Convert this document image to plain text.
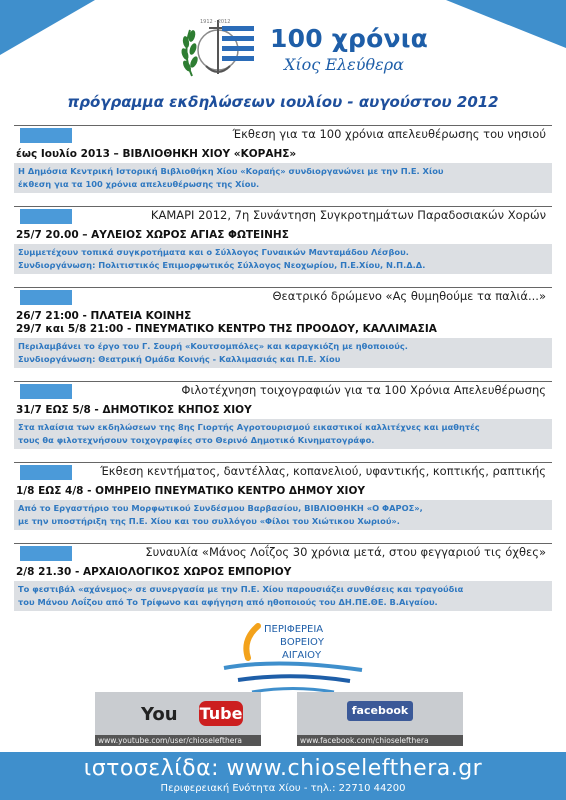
1912 - 2012
100 χρόνια
Χίος Ελεύθερα
πρόγραμμα εκδηλώσεων ιουλίου - αυγούστου 2012
Έκθεση για τα 100 χρόνια απελευθέρωσης του νησιού
έως Ιουλίο 2013 – ΒΙΒΛΙΟΘΗΚΗ ΧΙΟΥ «ΚΟΡΑΗΣ»
Η Δημόσια Κεντρική Ιστορική Βιβλιοθήκη Χίου «Κοραής» συνδιοργανώνει με την Π.Ε. Χίου
έκθεση για τα 100 χρόνια απελευθέρωσης της Χίου.
ΚΑΜΑΡΙ 2012, 7η Συνάντηση Συγκροτημάτων Παραδοσιακών Χορών
25/7 20.00 – ΑΥΛΕΙΟΣ ΧΩΡΟΣ ΑΓΙΑΣ ΦΩΤΕΙΝΗΣ
Συμμετέχουν τοπικά συγκροτήματα και ο Σύλλογος Γυναικών Μανταμάδου Λέσβου.
Συνδιοργάνωση: Πολιτιστικός Επιμορφωτικός Σύλλογος Νεοχωρίου, Π.Ε.Χίου, Ν.Π.Δ.Δ.
Θεατρικό δρώμενο «Ας θυμηθούμε τα παλιά...»
26/7 21:00 - ΠΛΑΤΕΙΑ ΚΟΙΝΗΣ
29/7 και 5/8 21:00 - ΠΝΕΥΜΑΤΙΚΟ ΚΕΝΤΡΟ ΤΗΣ ΠΡΟΟΔΟΥ, ΚΑΛΛΙΜΑΣΙΑ
Περιλαμβάνει το έργο του Γ. Σουρή «Κουτσομπόλες» και καραγκιόζη με ηθοποιούς.
Συνδιοργάνωση: Θεατρική Ομάδα Κοινής - Καλλιμασιάς και Π.Ε. Χίου
Φιλοτέχνηση τοιχογραφιών για τα 100 Χρόνια Απελευθέρωσης
31/7 ΕΩΣ 5/8 - ΔΗΜΟΤΙΚΟΣ ΚΗΠΟΣ ΧΙΟΥ
Στα πλαίσια των εκδηλώσεων της 8ης Γιορτής Αγροτουρισμού εικαστικοί καλλιτέχνες και μαθητές
τους θα φιλοτεχνήσουν τοιχογραφίες στο Θερινό Δημοτικό Κινηματογράφο.
Έκθεση κεντήματος, δαντέλλας, κοπανελιού, υφαντικής, κοπτικής, ραπτικής
1/8 ΕΩΣ 4/8 - ΟΜΗΡΕΙΟ ΠΝΕΥΜΑΤΙΚΟ ΚΕΝΤΡΟ ΔΗΜΟΥ ΧΙΟΥ
Από το Εργαστήριο του Μορφωτικού Συνδέσμου Βαρβασίου, ΒΙΒΛΙΟΘΗΚΗ «Ο ΦΑΡΟΣ»,
με την υποστήριξη της Π.Ε. Χίου και του συλλόγου «Φίλοι του Χιώτικου Χωριού».
Συναυλία «Μάνος Λοΐζος 30 χρόνια μετά, στου φεγγαριού τις όχθες»
2/8 21.30 - ΑΡΧΑΙΟΛΟΓΙΚΟΣ ΧΩΡΟΣ ΕΜΠΟΡΙΟΥ
Το φεστιβάλ «αχάνεμος» σε συνεργασία με την Π.Ε. Χίου παρουσιάζει συνθέσεις και τραγούδια
του Μάνου Λοΐζου από Το Τρίφωνο και αφήγηση από ηθοποιούς του ΔΗ.ΠΕ.ΘΕ. Β.Αιγαίου.
ΠΕΡΙΦΕΡΕΙΑ
ΒΟΡΕΙΟΥ
ΑΙΓΑΙΟΥ
You Tube
www.youtube.com/user/chioselefthera
facebook
www.facebook.com/chioselefthera
ιστοσελίδα: www.chioselefthera.gr
Περιφερειακή Ενότητα Χίου - τηλ.: 22710 44200
